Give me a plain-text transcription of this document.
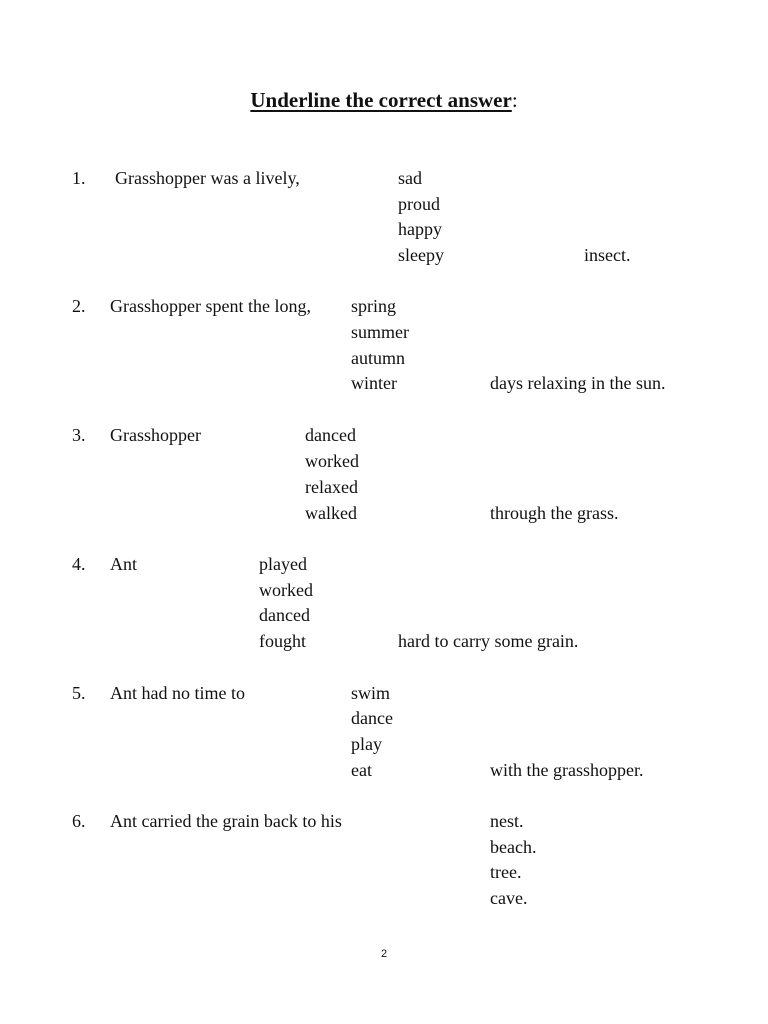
Underline the correct answer:
1. Grasshopper was a lively,	sad
proud
happy
sleepy	insect.
2. Grasshopper spent the long, spring
summer
autumn
winter	days relaxing in the sun.
3. Grasshopper	danced
worked
relaxed
walked	through the grass.
4. Ant	played
worked
danced
fought	hard to carry some grain.
5. Ant had no time to	swim
dance
play
eat	with the grasshopper.
6. Ant carried the grain back to his	nest.
beach.
tree.
cave.
2
